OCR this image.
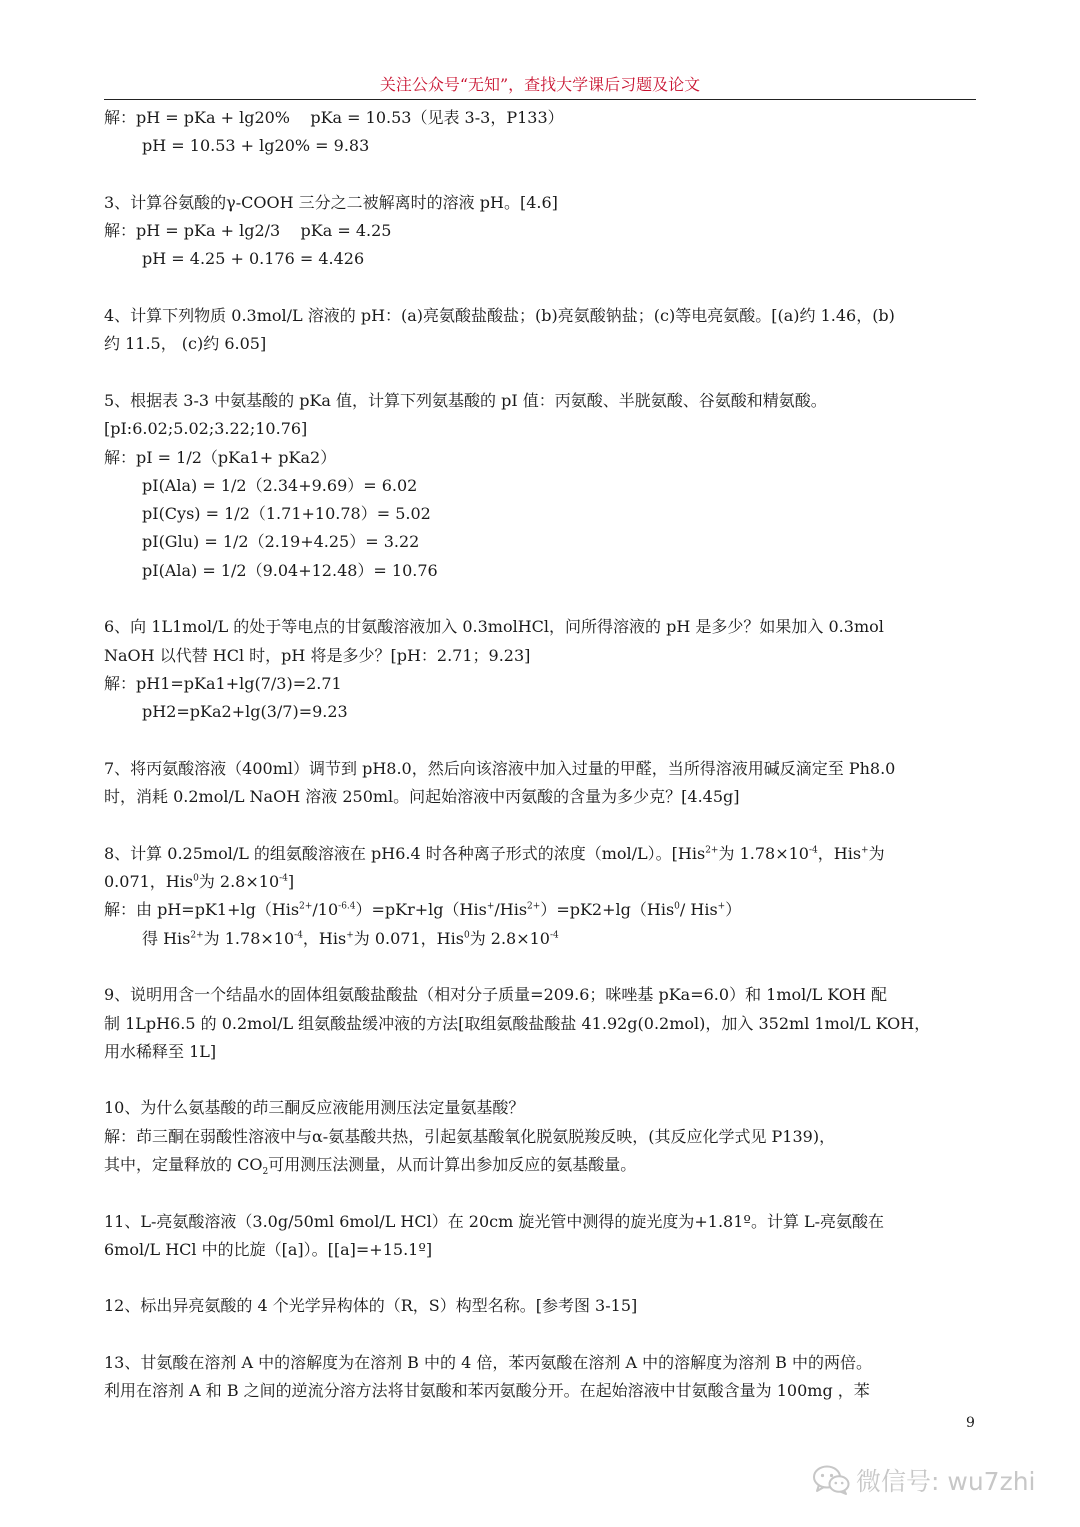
关注公众号“无知”，查找大学课后习题及论文
解：pH = pKa + lg20%    pKa = 10.53（见表 3-3，P133）
pH = 10.53 + lg20% = 9.83
3、计算谷氨酸的γ-COOH 三分之二被解离时的溶液 pH。[4.6]
解：pH = pKa + lg2/3    pKa = 4.25
pH = 4.25 + 0.176 = 4.426
4、计算下列物质 0.3mol/L 溶液的 pH：(a)亮氨酸盐酸盐；(b)亮氨酸钠盐；(c)等电亮氨酸。[(a)约 1.46，(b)
约 11.5， (c)约 6.05]
5、根据表 3-3 中氨基酸的 pKa 值，计算下列氨基酸的 pI 值：丙氨酸、半胱氨酸、谷氨酸和精氨酸。
[pI:6.02;5.02;3.22;10.76]
解：pI = 1/2（pKa1+ pKa2）
pI(Ala) = 1/2（2.34+9.69）= 6.02
pI(Cys) = 1/2（1.71+10.78）= 5.02
pI(Glu) = 1/2（2.19+4.25）= 3.22
pI(Ala) = 1/2（9.04+12.48）= 10.76
6、向 1L1mol/L 的处于等电点的甘氨酸溶液加入 0.3molHCl，问所得溶液的 pH 是多少？如果加入 0.3mol
NaOH 以代替 HCl 时，pH 将是多少？[pH：2.71；9.23]
解：pH1=pKa1+lg(7/3)=2.71
pH2=pKa2+lg(3/7)=9.23
7、将丙氨酸溶液（400ml）调节到 pH8.0，然后向该溶液中加入过量的甲醛，当所得溶液用碱反滴定至 Ph8.0
时，消耗 0.2mol/L NaOH 溶液 250ml。问起始溶液中丙氨酸的含量为多少克？[4.45g]
8、计算 0.25mol/L 的组氨酸溶液在 pH6.4 时各种离子形式的浓度（mol/L）。[His$^{2+}$为 $1.78\times 10^{-4}$，His+为
0.071，His$^0$为 $2.8\times 10^{-4}$]
解：由 $pH=pK1+\lg(His^{2+}/10^{-6.4})=pKr+\lg(His^+/His^{2+})=pK2+\lg(His^0/$ His+）
得 His$^{2+}$为 $1.78\times 10^{-4}$，His+为 0.071，His$^0$为 $2.8\times 10^{-4}$
9、说明用含一个结晶水的固体组氨酸盐酸盐（相对分子质量=209.6；咪唑基 pKa=6.0）和 1mol/L KOH 配
制 1LpH6.5 的 0.2mol/L 组氨酸盐缓冲液的方法[取组氨酸盐酸盐 41.92g(0.2mol)，加入 352ml 1mol/L KOH，
用水稀释至 1L]
10、为什么氨基酸的茚三酮反应液能用测压法定量氨基酸？
解：茚三酮在弱酸性溶液中与α-氨基酸共热，引起氨基酸氧化脱氨脱羧反映，(其反应化学式见 P139)，
其中，定量释放的 $CO_2$可用测压法测量，从而计算出参加反应的氨基酸量。
11、L-亮氨酸溶液（3.0g/50ml 6mol/L HCl）在 20cm 旋光管中测得的旋光度为+1.81º。计算 L-亮氨酸在
6mol/L HCl 中的比旋（[a]）。[[a]=+15.1º]
12、标出异亮氨酸的 4 个光学异构体的（R，S）构型名称。[参考图 3-15]
13、甘氨酸在溶剂 A 中的溶解度为在溶剂 B 中的 4 倍，苯丙氨酸在溶剂 A 中的溶解度为溶剂 B 中的两倍。
利用在溶剂 A 和 B 之间的逆流分溶方法将甘氨酸和苯丙氨酸分开。在起始溶液中甘氨酸含量为 100mg ，苯
9
微信号: wu7zhi
